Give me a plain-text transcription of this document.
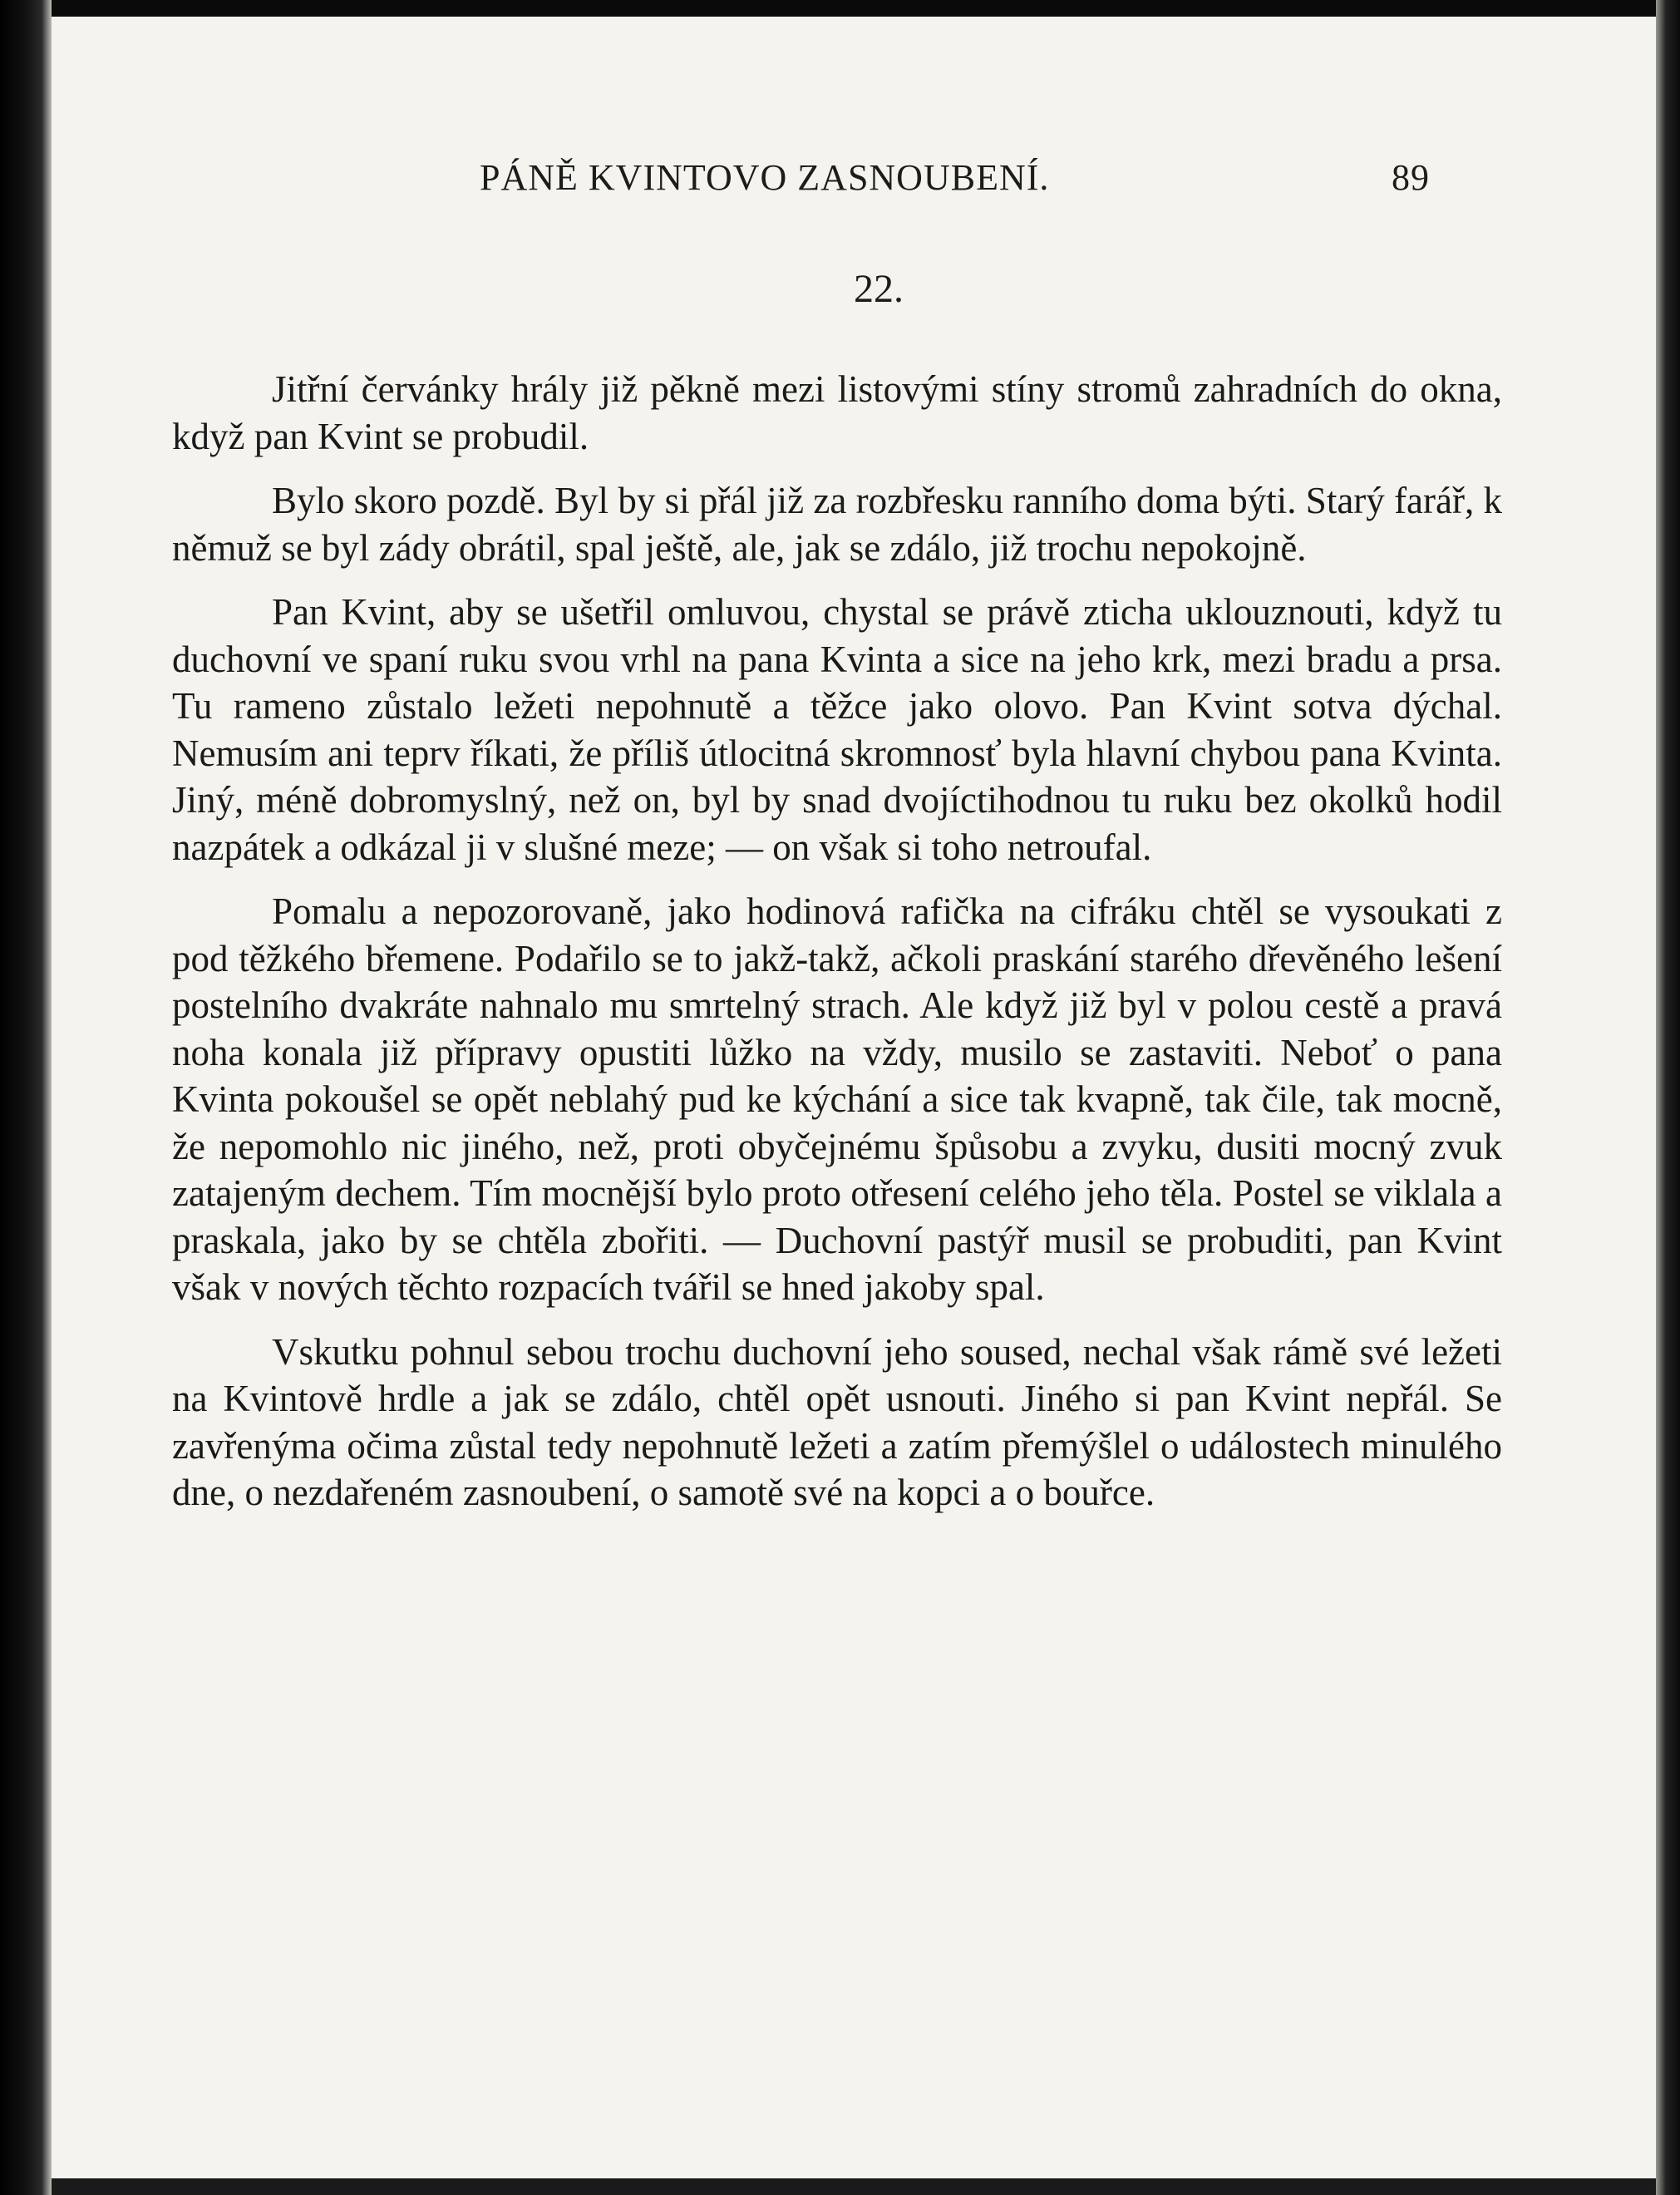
PÁNĚ KVINTOVO ZASNOUBENÍ.	89
22.

Jitřní červánky hrály již pěkně mezi listovými stíny stromů zahradních do okna, když pan Kvint se probudil.

Bylo skoro pozdě. Byl by si přál již za rozbřesku ranního doma býti. Starý farář, k němuž se byl zády obrátil, spal ještě, ale, jak se zdálo, již trochu nepokojně.

Pan Kvint, aby se ušetřil omluvou, chystal se právě zticha uklouznouti, když tu duchovní ve spaní ruku svou vrhl na pana Kvinta a sice na jeho krk, mezi bradu a prsa. Tu rameno zůstalo ležeti nepohnutě a těžce jako olovo. Pan Kvint sotva dýchal. Nemusím ani teprv říkati, že příliš útlocitná skromnosť byla hlavní chybou pana Kvinta. Jiný, méně dobromyslný, než on, byl by snad dvojíctihodnou tu ruku bez okolků hodil nazpátek a odkázal ji v slušné meze; — on však si toho netroufal.

Pomalu a nepozorovaně, jako hodinová rafička na cifráku chtěl se vysoukati z pod těžkého břemene. Podařilo se to jakž-takž, ačkoli praskání starého dřevěného lešení postelního dvakráte nahnalo mu smrtelný strach. Ale když již byl v polou cestě a pravá noha konala již přípravy opustiti lůžko na vždy, musilo se zastaviti. Neboť o pana Kvinta pokoušel se opět neblahý pud ke kýchání a sice tak kvapně, tak čile, tak mocně, že nepomohlo nic jiného, než, proti obyčejnému špůsobu a zvyku, dusiti mocný zvuk zatajeným dechem. Tím mocnější bylo proto otřesení celého jeho těla. Postel se viklala a praskala, jako by se chtěla zbořiti. — Duchovní pastýř musil se probuditi, pan Kvint však v nových těchto rozpacích tvářil se hned jakoby spal.

Vskutku pohnul sebou trochu duchovní jeho soused, nechal však rámě své ležeti na Kvintově hrdle a jak se zdálo, chtěl opět usnouti. Jiného si pan Kvint nepřál. Se zavřenýma očima zůstal tedy nepohnutě ležeti a zatím přemýšlel o událostech minulého dne, o nezdařeném zasnoubení, o samotě své na kopci a o bouřce.
